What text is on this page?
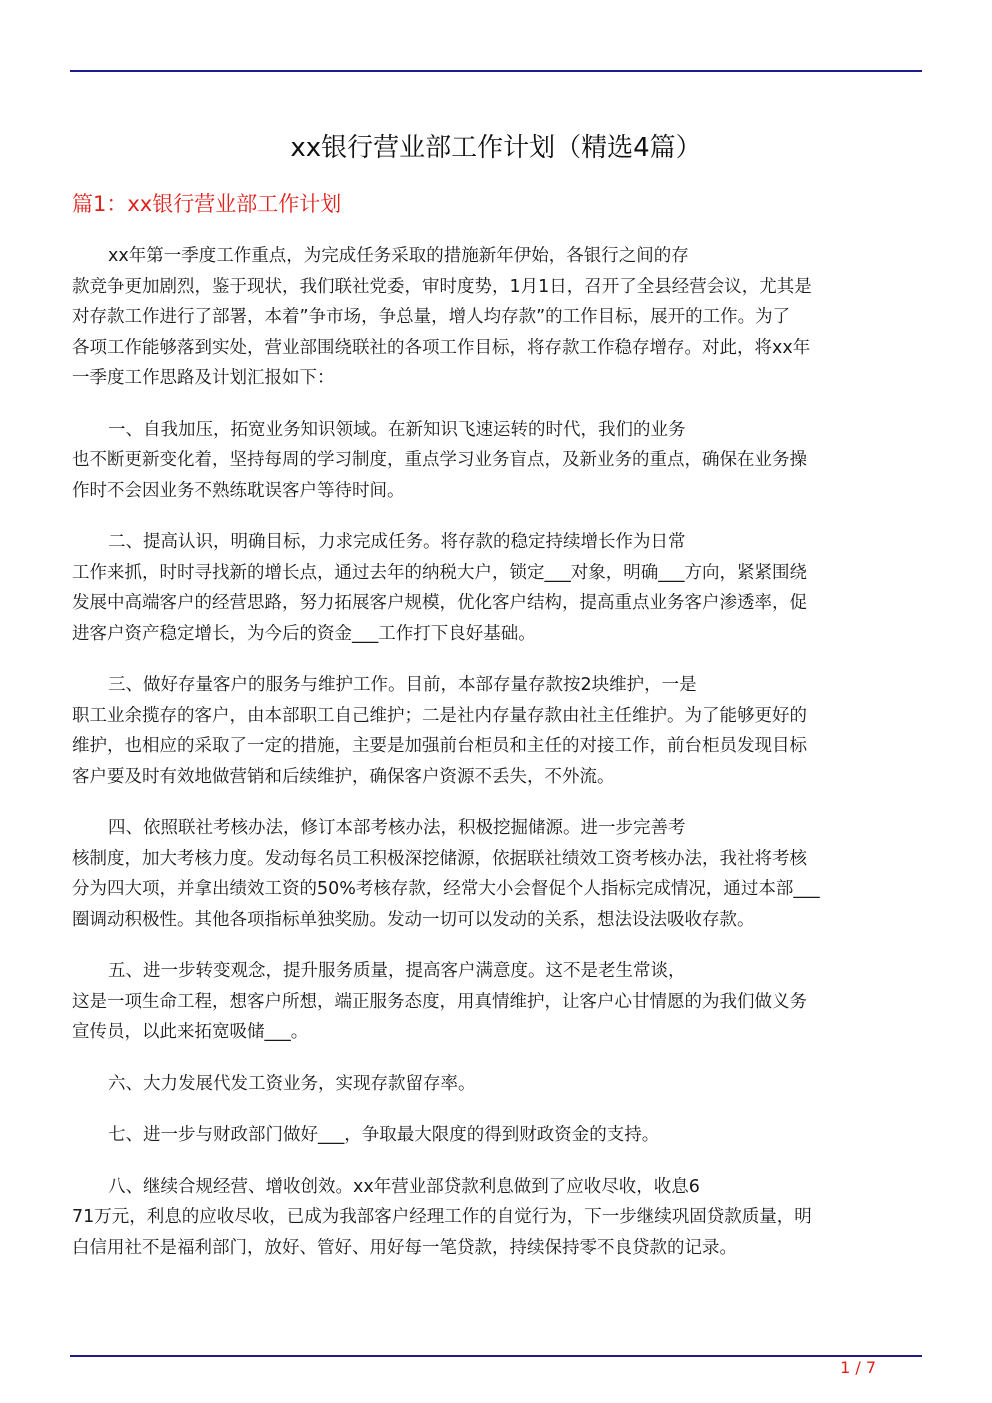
xx银行营业部工作计划（精选4篇）
篇1：xx银行营业部工作计划
xx年第一季度工作重点，为完成任务采取的措施新年伊始，各银行之间的存
款竞争更加剧烈，鉴于现状，我们联社党委，审时度势，1月1日，召开了全县经营会议，尤其是
对存款工作进行了部署，本着”争市场，争总量，增人均存款”的工作目标，展开的工作。为了
各项工作能够落到实处，营业部围绕联社的各项工作目标，将存款工作稳存增存。对此，将xx年
一季度工作思路及计划汇报如下：
一、自我加压，拓宽业务知识领域。在新知识飞速运转的时代，我们的业务
也不断更新变化着，坚持每周的学习制度，重点学习业务盲点，及新业务的重点，确保在业务操
作时不会因业务不熟练耽误客户等待时间。
二、提高认识，明确目标，力求完成任务。将存款的稳定持续增长作为日常
工作来抓，时时寻找新的增长点，通过去年的纳税大户，锁定___对象，明确___方向，紧紧围绕
发展中高端客户的经营思路，努力拓展客户规模，优化客户结构，提高重点业务客户渗透率，促
进客户资产稳定增长，为今后的资金___工作打下良好基础。
三、做好存量客户的服务与维护工作。目前，本部存量存款按2块维护，一是
职工业余揽存的客户，由本部职工自己维护；二是社内存量存款由社主任维护。为了能够更好的
维护，也相应的采取了一定的措施，主要是加强前台柜员和主任的对接工作，前台柜员发现目标
客户要及时有效地做营销和后续维护，确保客户资源不丢失，不外流。
四、依照联社考核办法，修订本部考核办法，积极挖掘储源。进一步完善考
核制度，加大考核力度。发动每名员工积极深挖储源，依据联社绩效工资考核办法，我社将考核
分为四大项，并拿出绩效工资的50%考核存款，经常大小会督促个人指标完成情况，通过本部___
圈调动积极性。其他各项指标单独奖励。发动一切可以发动的关系，想法设法吸收存款。
五、进一步转变观念，提升服务质量，提高客户满意度。这不是老生常谈，
这是一项生命工程，想客户所想，端正服务态度，用真情维护，让客户心甘情愿的为我们做义务
宣传员，以此来拓宽吸储___。
六、大力发展代发工资业务，实现存款留存率。
七、进一步与财政部门做好___，争取最大限度的得到财政资金的支持。
八、继续合规经营、增收创效。xx年营业部贷款利息做到了应收尽收，收息6
71万元，利息的应收尽收，已成为我部客户经理工作的自觉行为，下一步继续巩固贷款质量，明
白信用社不是福利部门，放好、管好、用好每一笔贷款，持续保持零不良贷款的记录。
1 / 7
